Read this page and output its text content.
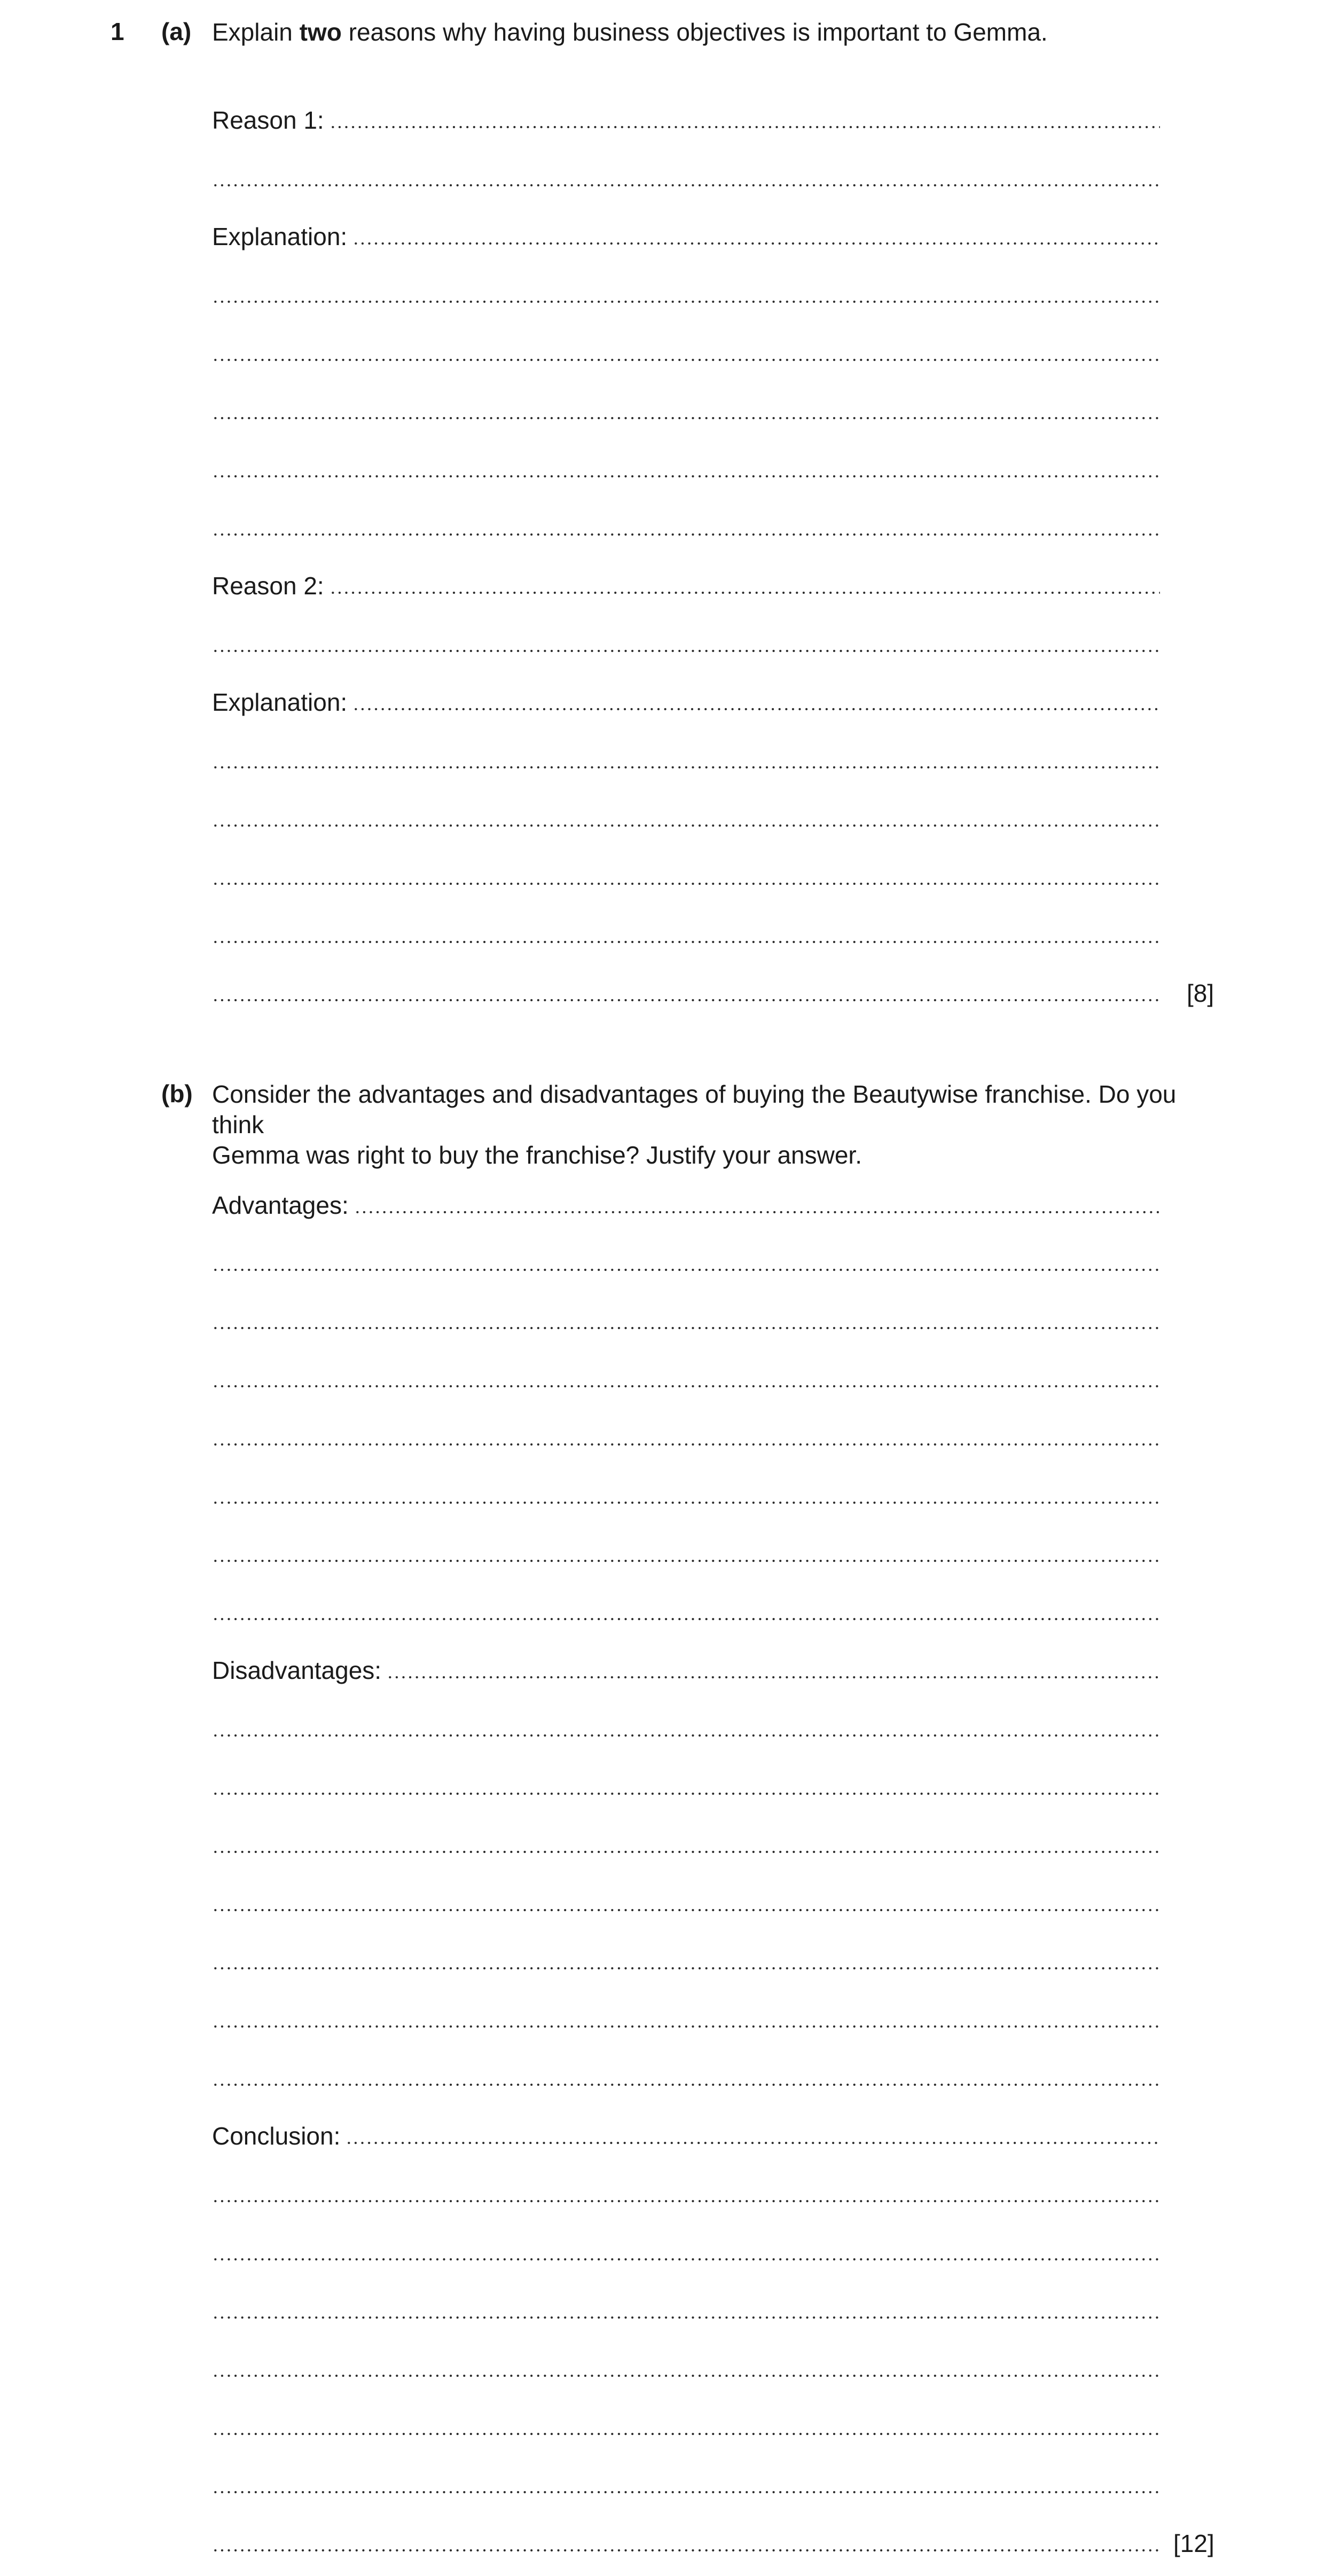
1 (a) Explain two reasons why having business objectives is important to Gemma.
Reason 1:
Explanation:
Reason 2:
Explanation:
[8]
(b) Consider the advantages and disadvantages of buying the Beautywise franchise. Do you think
Gemma was right to buy the franchise? Justify your answer.
Advantages:
Disadvantages:
Conclusion:
[12]
